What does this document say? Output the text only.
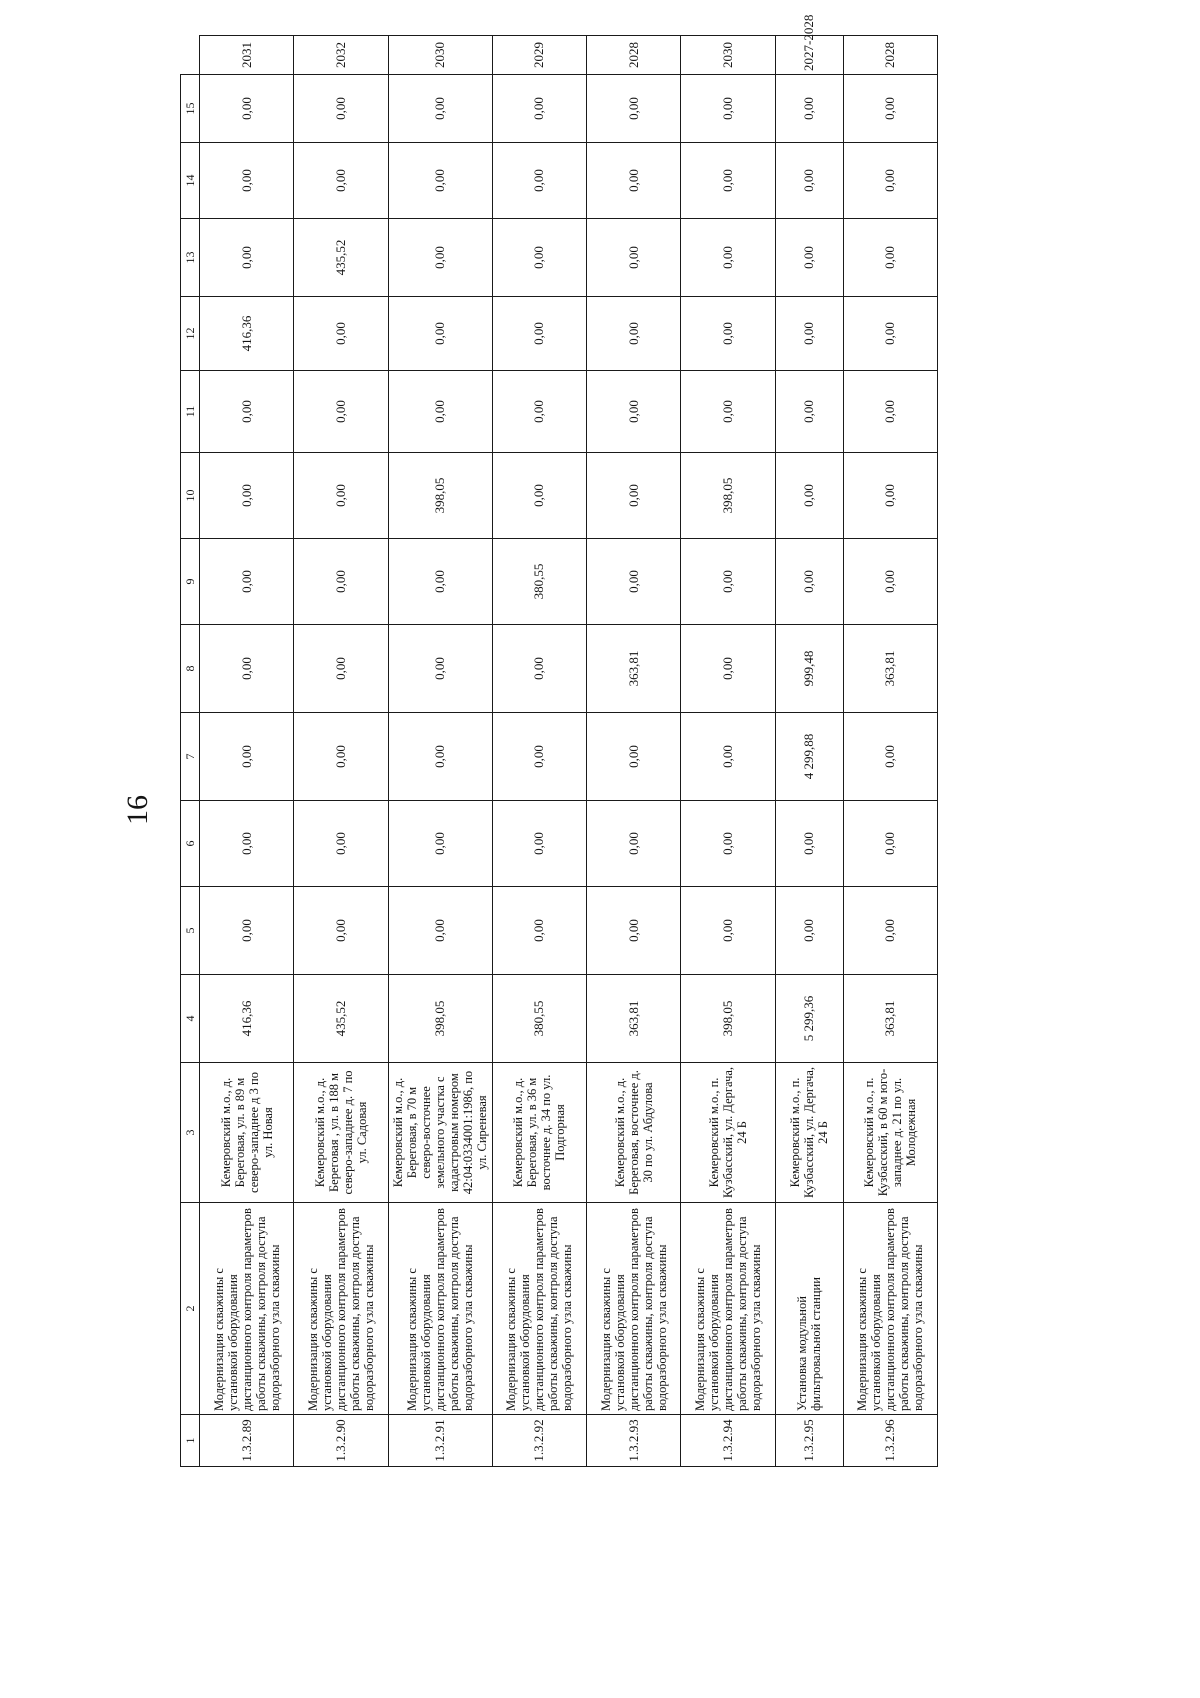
16
1	2	3	4	5	6	7	8	9	10	11	12	13	14	15	
1.3.2.89	Модернизация скважины с установкой оборудования дистанционного контроля параметров работы скважины, контроля доступа водоразборного узла скважины	Кемеровский м.о., д. Береговая, ул. в 89 м северо-западнее д 3 по ул. Новая	416,36	0,00	0,00	0,00	0,00	0,00	0,00	0,00	416,36	0,00	0,00	0,00	2031
1.3.2.90	Модернизация скважины с установкой оборудования дистанционного контроля параметров работы скважины, контроля доступа водоразборного узла скважины	Кемеровский м.о., д. Береговая , ул. в 188 м северо-западнее д. 7 по ул. Садовая	435,52	0,00	0,00	0,00	0,00	0,00	0,00	0,00	0,00	435,52	0,00	0,00	2032
1.3.2.91	Модернизация скважины с установкой оборудования дистанционного контроля параметров работы скважины, контроля доступа водоразборного узла скважины	Кемеровский м.о., д. Береговая, в 70 м северо-восточнее земельного участка с кадастровым номером 42:04:0334001:1986, по ул. Сиреневая	398,05	0,00	0,00	0,00	0,00	0,00	398,05	0,00	0,00	0,00	0,00	0,00	2030
1.3.2.92	Модернизация скважины с установкой оборудования дистанционного контроля параметров работы скважины, контроля доступа водоразборного узла скважины	Кемеровский м.о., д. Береговая, ул. в 36 м восточнее д. 34 по ул. Подгорная	380,55	0,00	0,00	0,00	0,00	380,55	0,00	0,00	0,00	0,00	0,00	0,00	2029
1.3.2.93	Модернизация скважины с установкой оборудования дистанционного контроля параметров работы скважины, контроля доступа водоразборного узла скважины	Кемеровский м.о., д. Береговая, восточнее д. 30 по ул. Абдулова	363,81	0,00	0,00	0,00	363,81	0,00	0,00	0,00	0,00	0,00	0,00	0,00	2028
1.3.2.94	Модернизация скважины с установкой оборудования дистанционного контроля параметров работы скважины, контроля доступа водоразборного узла скважины	Кемеровский м.о., п. Кузбасский, ул. Дергача, 24 Б	398,05	0,00	0,00	0,00	0,00	0,00	398,05	0,00	0,00	0,00	0,00	0,00	2030
1.3.2.95	Установка модульной фильтровальной станции	Кемеровский м.о., п. Кузбасский, ул. Дергача, 24 Б	5 299,36	0,00	0,00	4 299,88	999,48	0,00	0,00	0,00	0,00	0,00	0,00	0,00	2027-2028
1.3.2.96	Модернизация скважины с установкой оборудования дистанционного контроля параметров работы скважины, контроля доступа водоразборного узла скважины	Кемеровский м.о., п. Кузбасский, в 60 м юго-западнее д. 21 по ул. Молодежная	363,81	0,00	0,00	0,00	363,81	0,00	0,00	0,00	0,00	0,00	0,00	0,00	2028
